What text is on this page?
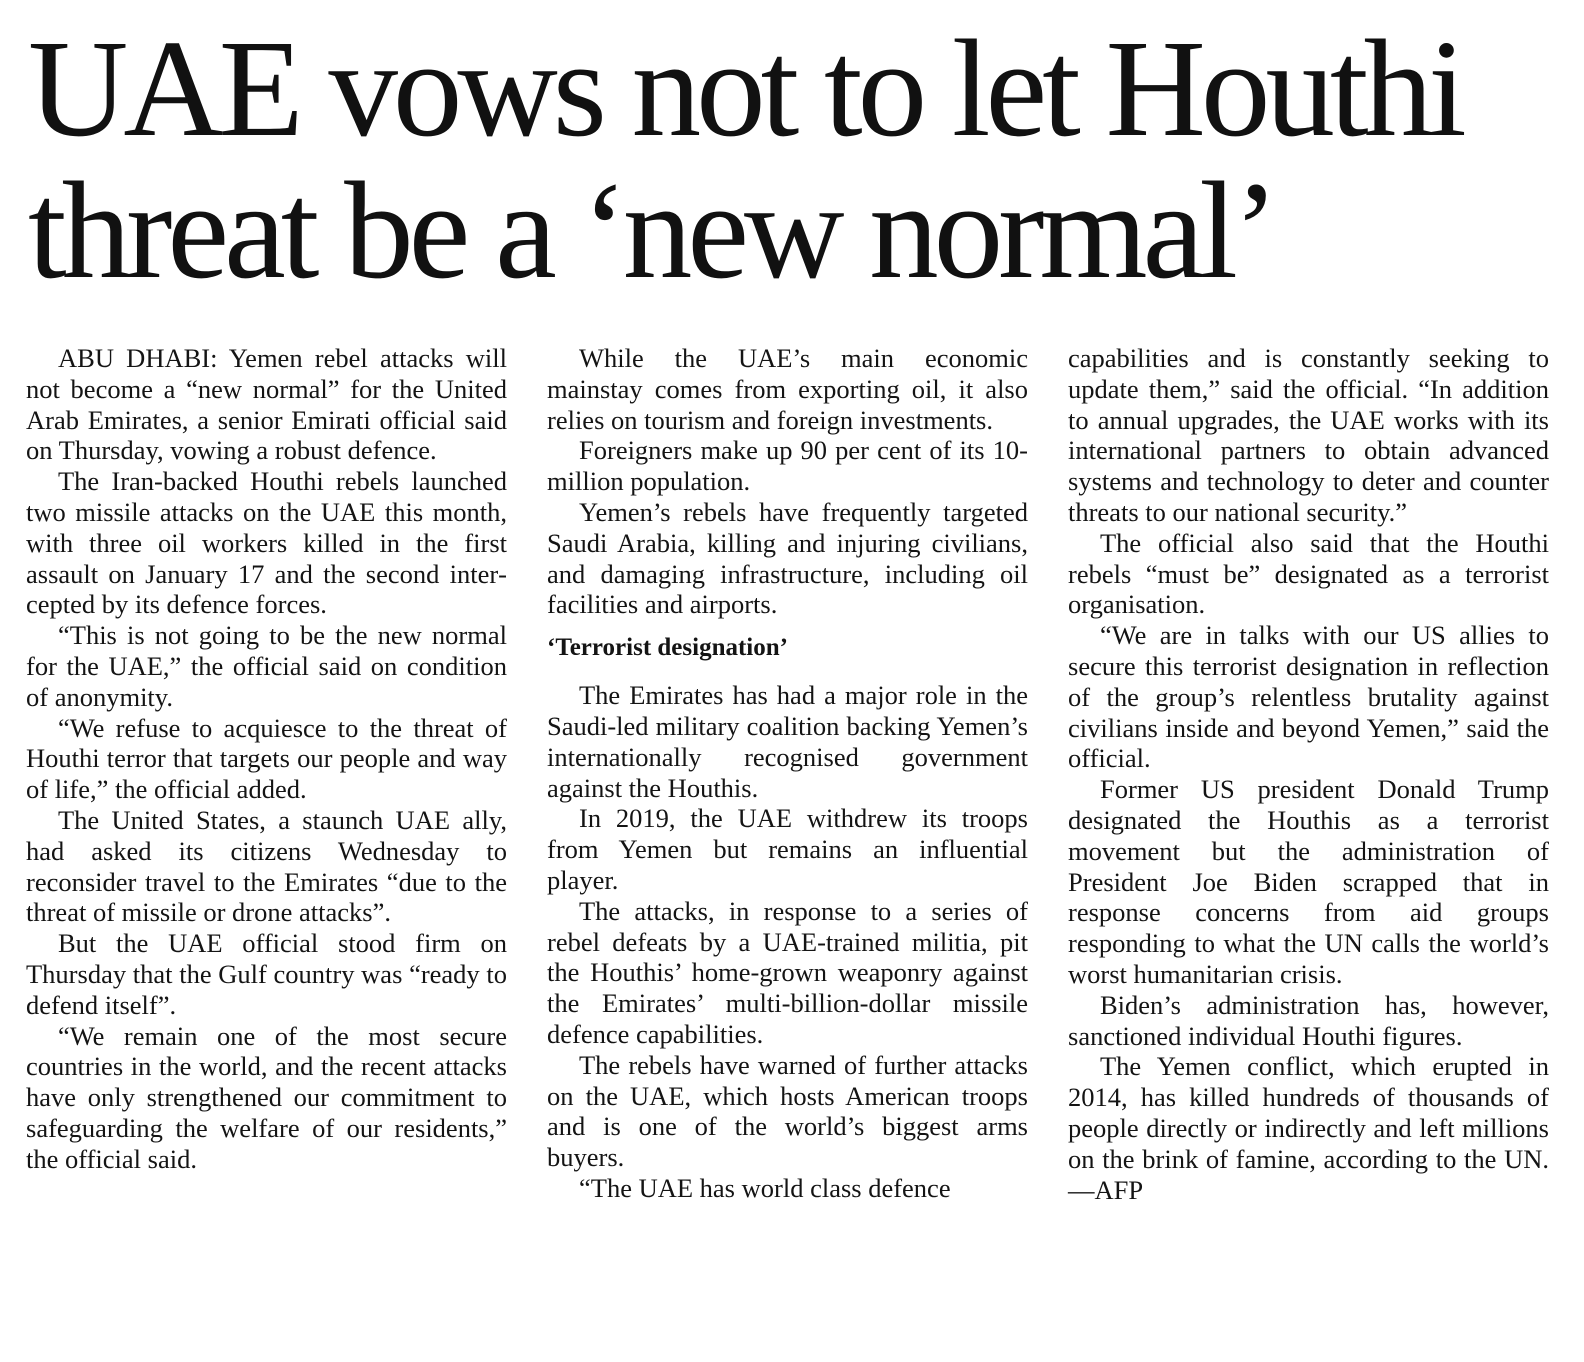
UAE vows not to let Houthi
threat be a ‘new normal’

ABU DHABI: Yemen rebel attacks will not become a “new normal” for the United Arab Emirates, a senior Emirati official said on Thursday, vowing a robust defence.

The Iran-backed Houthi rebels launched two missile attacks on the UAE this month, with three oil workers killed in the first assault on January 17 and the second intercepted by its defence forces.

“This is not going to be the new normal for the UAE,” the official said on condition of anonymity.

“We refuse to acquiesce to the threat of Houthi terror that targets our people and way of life,” the official added.

The United States, a staunch UAE ally, had asked its citizens Wednesday to reconsider travel to the Emirates “due to the threat of missile or drone attacks”.

But the UAE official stood firm on Thursday that the Gulf country was “ready to defend itself”.

“We remain one of the most secure countries in the world, and the recent attacks have only strengthened our commitment to safeguarding the welfare of our residents,” the official said.

While the UAE’s main economic mainstay comes from exporting oil, it also relies on tourism and foreign investments.

Foreigners make up 90 per cent of its 10-million population.

Yemen’s rebels have frequently targeted Saudi Arabia, killing and injuring civilians, and damaging infrastructure, including oil facilities and airports.

‘Terrorist designation’

The Emirates has had a major role in the Saudi-led military coalition backing Yemen’s internationally recognised government against the Houthis.

In 2019, the UAE withdrew its troops from Yemen but remains an influential player.

The attacks, in response to a series of rebel defeats by a UAE-trained militia, pit the Houthis’ home-grown weaponry against the Emirates’ multi-billion-dollar missile defence capabilities.

The rebels have warned of further attacks on the UAE, which hosts American troops and is one of the world’s biggest arms buyers.

“The UAE has world class defence

capabilities and is constantly seeking to update them,” said the official. “In addition to annual upgrades, the UAE works with its international partners to obtain advanced systems and technology to deter and counter threats to our national security.”

The official also said that the Houthi rebels “must be” designated as a terrorist organisation.

“We are in talks with our US allies to secure this terrorist designation in reflection of the group’s relentless brutality against civilians inside and beyond Yemen,” said the official.

Former US president Donald Trump designated the Houthis as a terrorist movement but the administration of President Joe Biden scrapped that in response concerns from aid groups responding to what the UN calls the world’s worst humanitarian crisis.

Biden’s administration has, however, sanctioned individual Houthi figures.

The Yemen conflict, which erupted in 2014, has killed hundreds of thousands of people directly or indirectly and left millions on the brink of famine, according to the UN.—AFP
